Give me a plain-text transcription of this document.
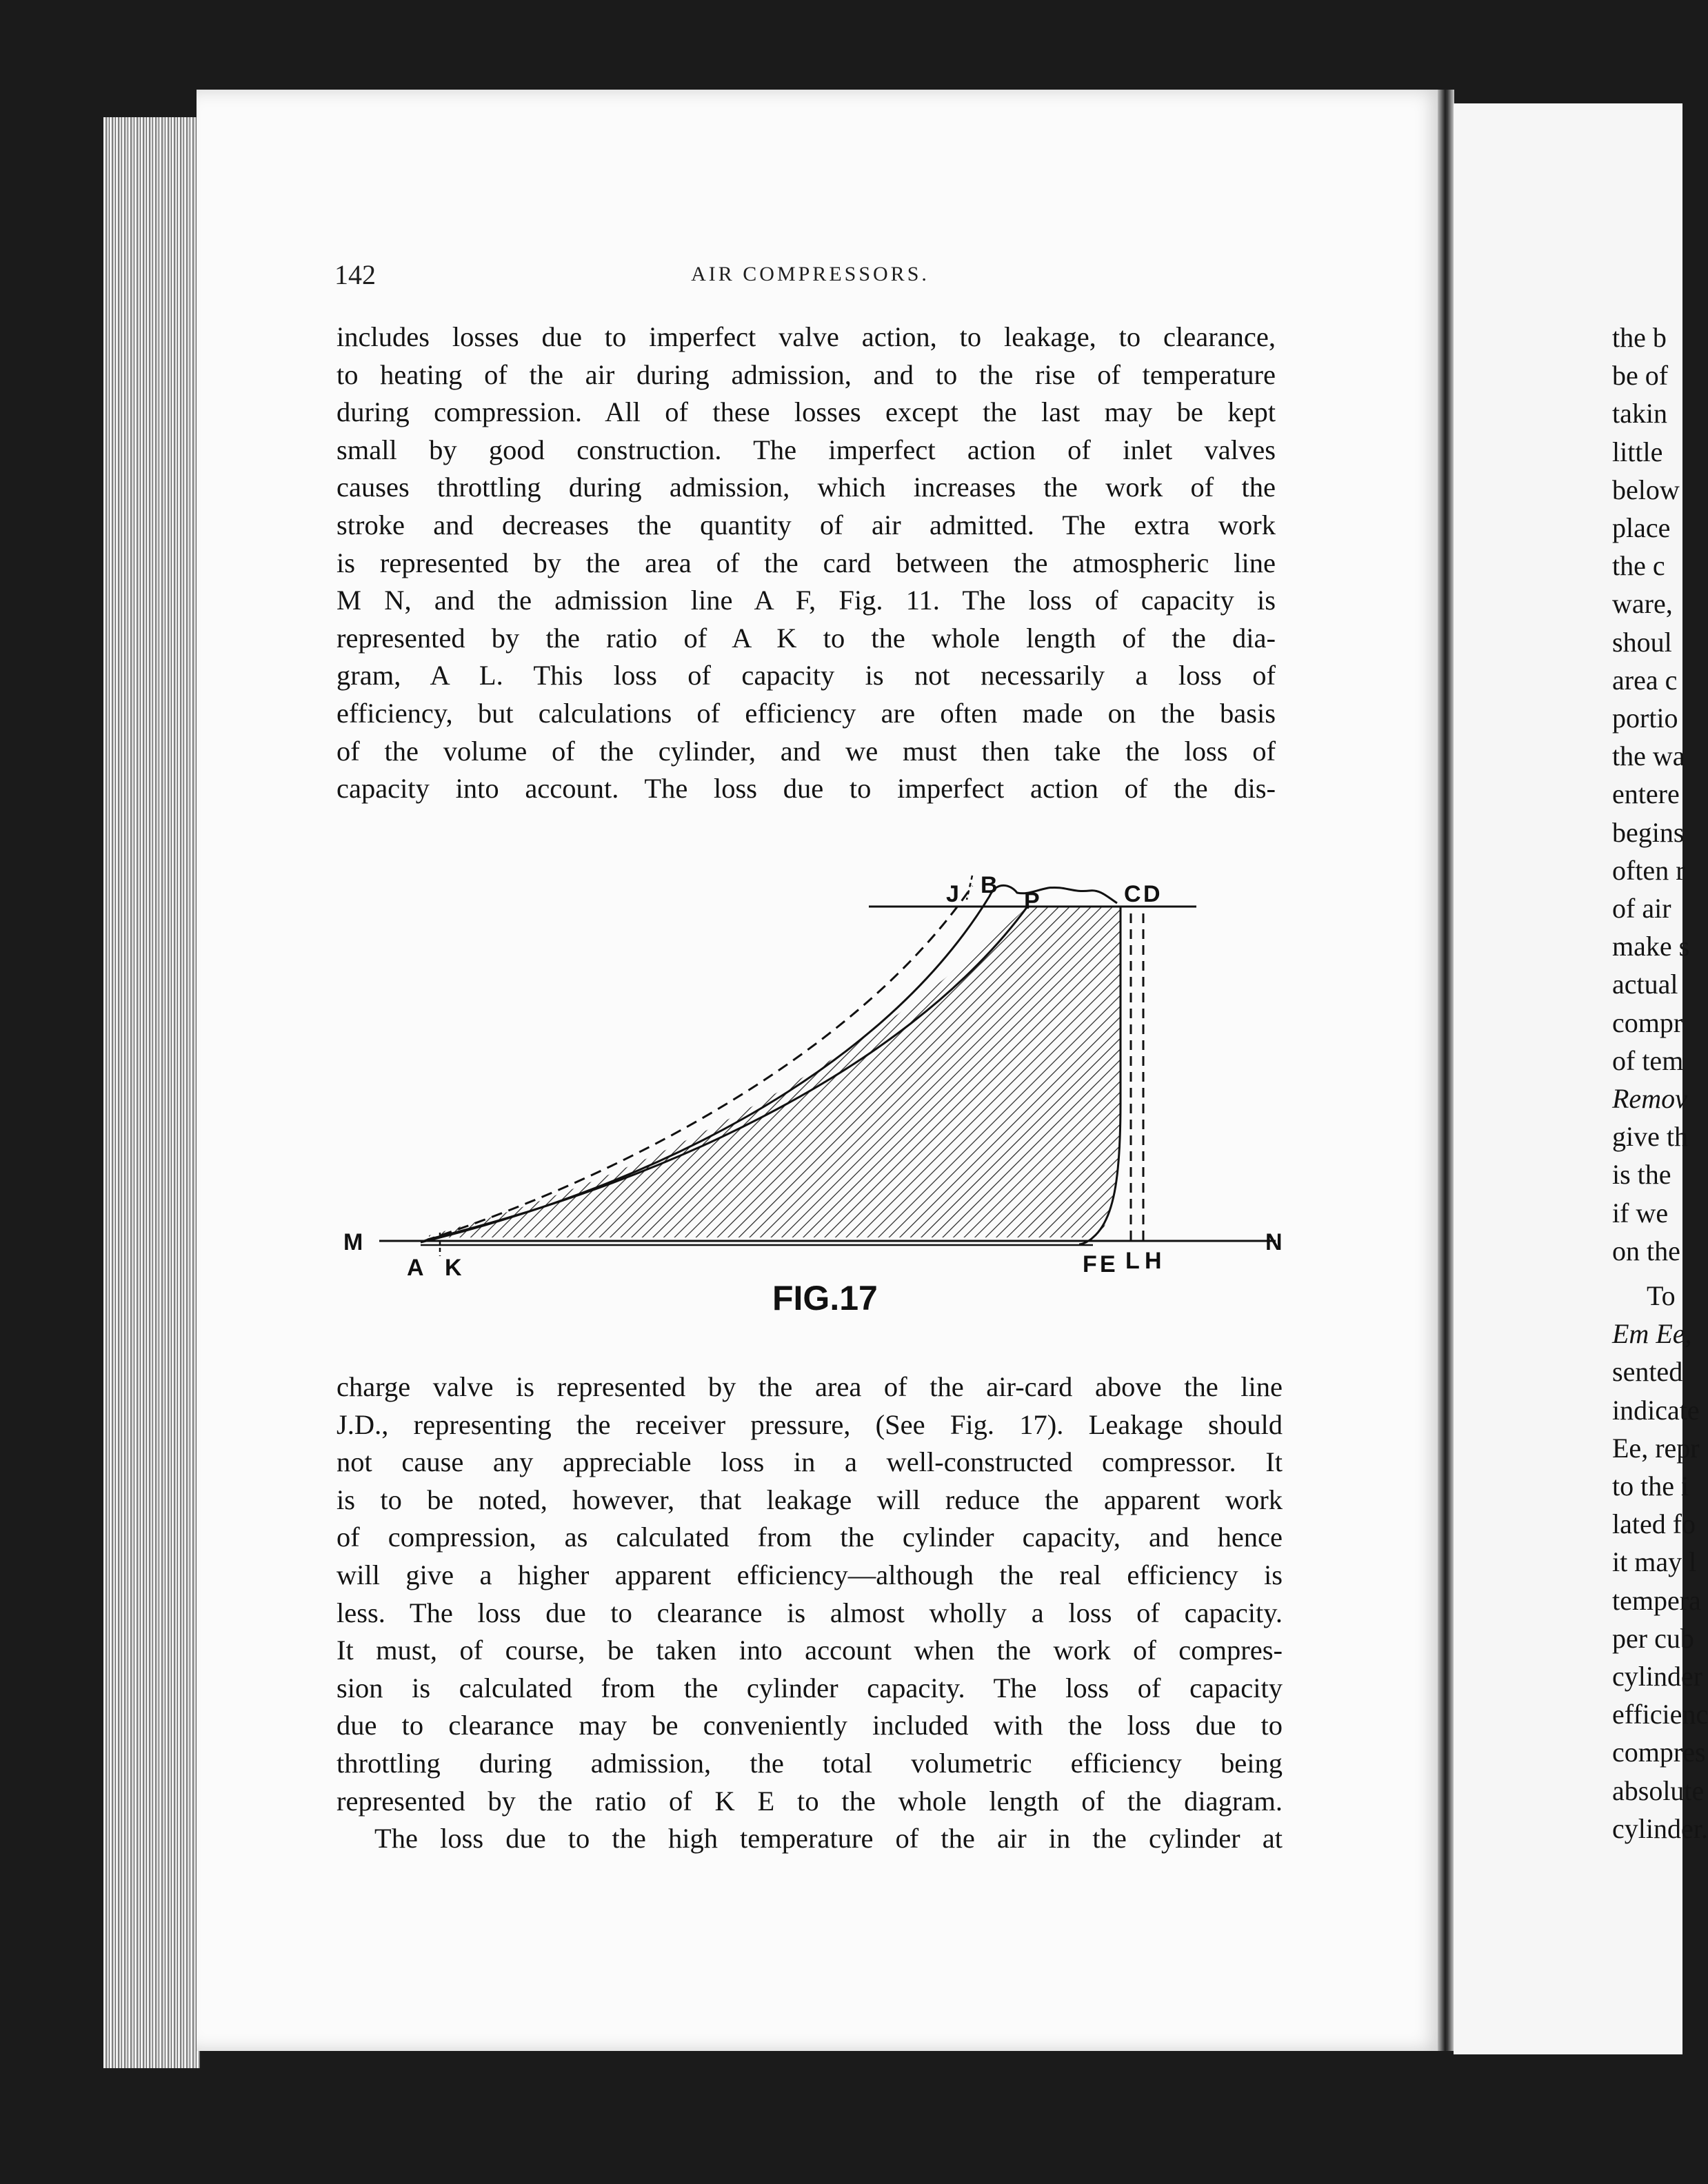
142	AIR COMPRESSORS.
includes losses due to imperfect valve action, to leakage, to clearance,
to heating of the air during admission, and to the rise of temperature
during compression. All of these losses except the last may be kept
small by good construction. The imperfect action of inlet valves
causes throttling during admission, which increases the work of the
stroke and decreases the quantity of air admitted. The extra work
is represented by the area of the card between the atmospheric line
M N, and the admission line A F, Fig. 11. The loss of capacity is
represented by the ratio of A K to the whole length of the dia-
gram, A L. This loss of capacity is not necessarily a loss of
efficiency, but calculations of efficiency are often made on the basis
of the volume of the cylinder, and we must then take the loss of
capacity into account. The loss due to imperfect action of the dis-
M	N
A K	F E L H
J B
P	C D
FIG.17
charge valve is represented by the area of the air-card above the line
J.D., representing the receiver pressure, (See Fig. 17). Leakage should
not cause any appreciable loss in a well-constructed compressor. It
is to be noted, however, that leakage will reduce the apparent work
of compression, as calculated from the cylinder capacity, and hence
will give a higher apparent efficiency—although the real efficiency is
less. The loss due to clearance is almost wholly a loss of capacity.
It must, of course, be taken into account when the work of compres-
sion is calculated from the cylinder capacity. The loss of capacity
due to clearance may be conveniently included with the loss due to
throttling during admission, the total volumetric efficiency being
represented by the ratio of K E to the whole length of the diagram.
The loss due to the high temperature of the air in the cylinder at
the b
be of
takin
little
below
place
the c
ware,
shoul
area c
portio
the wa
entere
begins
often r
of air
make s
actual
compr
of tem
Remov
give th
is the
if we
on the
To
Em Ee,
sented
indicate
Ee, repr
to the i
lated fo
it may l
tempera
per cub
cylinder
efficienc
compres
absolute
cylinder.
